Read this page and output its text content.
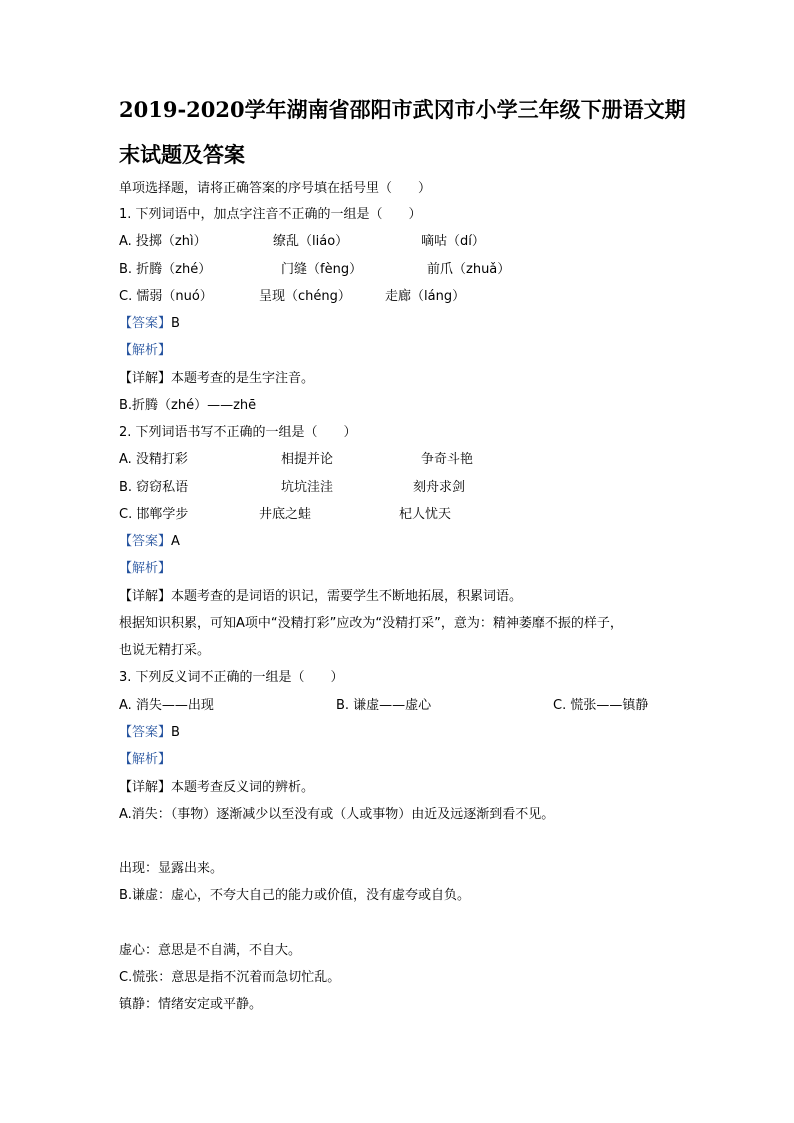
2019-2020学年湖南省邵阳市武冈市小学三年级下册语文期
末试题及答案
单项选择题，请将正确答案的序号填在括号里（　　）
1. 下列词语中，加点字注音不正确的一组是（　　）
A. 投掷（zhì）	缭乱（liáo）	嘀咕（dí）
B. 折腾（zhé）	门缝（fèng）	前爪（zhuǎ）
C. 懦弱（nuó）	呈现（chéng）	走廊（láng）
【答案】B
【解析】
【详解】本题考查的是生字注音。
B.折腾（zhé）——zhē
2. 下列词语书写不正确的一组是（　　）
A. 没精打彩	相提并论	争奇斗艳
B. 窃窃私语	坑坑洼洼	刻舟求剑
C. 邯郸学步	井底之蛙	杞人忧天
【答案】A
【解析】
【详解】本题考查的是词语的识记，需要学生不断地拓展，积累词语。
根据知识积累，可知A项中“没精打彩”应改为“没精打采”，意为：精神萎靡不振的样子，
也说无精打采。
3. 下列反义词不正确的一组是（　　）
A. 消失——出现	B. 谦虚——虚心	C. 慌张——镇静
【答案】B
【解析】
【详解】本题考查反义词的辨析。
A.消失：（事物）逐渐减少以至没有或（人或事物）由近及远逐渐到看不见。
出现：显露出来。
B.谦虚：虚心，不夸大自己的能力或价值，没有虚夸或自负。
虚心：意思是不自满，不自大。
C.慌张：意思是指不沉着而急切忙乱。
镇静：情绪安定或平静。
